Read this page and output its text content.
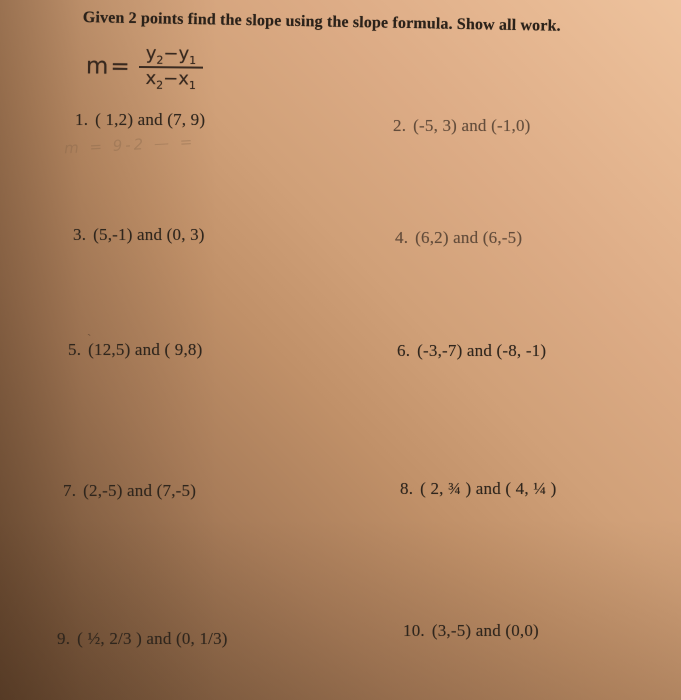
Given 2 points find the slope using the slope formula. Show all work.
$m= \frac{y_2-y_1}{x_2-x_1}$
m = 9-2 — =
ˋ
1. ( 1,2) and (7, 9)	2. (-5, 3) and (-1,0)
3. (5,-1) and (0, 3)	4. (6,2) and (6,-5)
5. (12,5) and ( 9,8)	6. (-3,-7) and (-8, -1)
7. (2,-5) and (7,-5)	8. ( 2, ¾ ) and ( 4, ¼ )
9. ( ½, 2/3 ) and (0, 1/3)	10. (3,-5) and (0,0)
